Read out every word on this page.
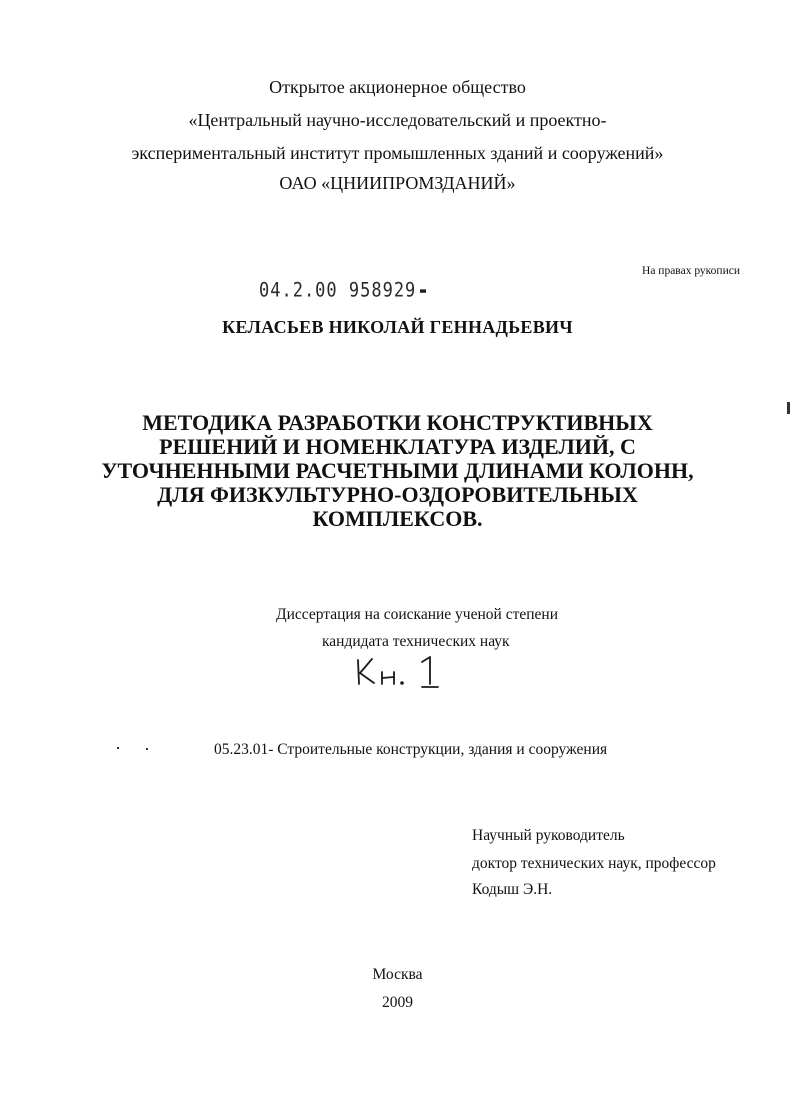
Открытое акционерное общество
«Центральный научно-исследовательский и проектно-
экспериментальный институт промышленных зданий и сооружений»
ОАО «ЦНИИПРОМЗДАНИЙ»
На правах рукописи
04.2.00 958929
КЕЛАСЬЕВ НИКОЛАЙ ГЕННАДЬЕВИЧ
МЕТОДИКА РАЗРАБОТКИ КОНСТРУКТИВНЫХ
РЕШЕНИЙ И НОМЕНКЛАТУРА ИЗДЕЛИЙ, С
УТОЧНЕННЫМИ РАСЧЕТНЫМИ ДЛИНАМИ КОЛОНН,
ДЛЯ ФИЗКУЛЬТУРНО-ОЗДОРОВИТЕЛЬНЫХ
КОМПЛЕКСОВ.
Диссертация на соискание ученой степени
кандидата технических наук
05.23.01- Строительные конструкции, здания и сооружения
Научный руководитель
доктор технических наук, профессор
Кодыш Э.Н.
Москва
2009
